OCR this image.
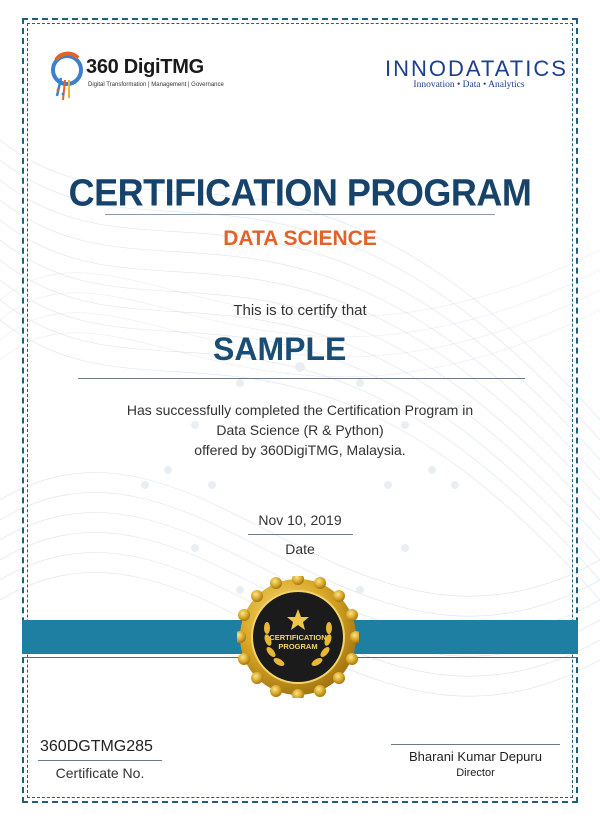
360 DigiTMG
Digital Transformation | Management | Governance
INNODATATICS
Innovation • Data • Analytics
CERTIFICATION PROGRAM
DATA SCIENCE
This is to certify that
SAMPLE
Has successfully completed the Certification Program in
Data Science (R & Python)
offered by 360DigiTMG, Malaysia.
Nov 10, 2019
Date
CERTIFICATION
PROGRAM
360DGTMG285
Certificate No.
Bharani Kumar Depuru
Director
